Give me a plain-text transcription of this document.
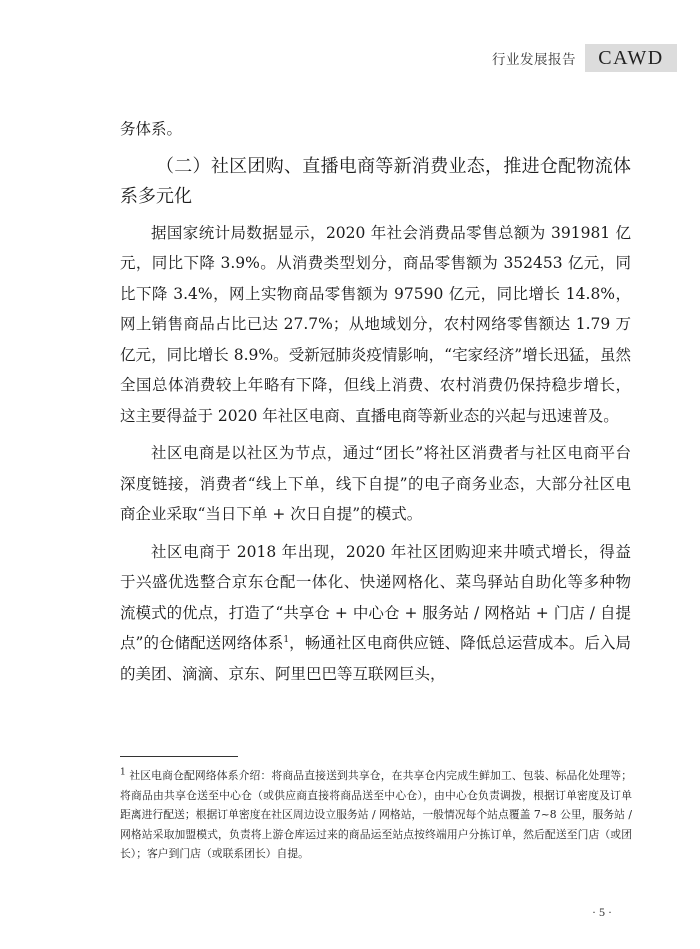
行业发展报告	CAWD

务体系。

（二）社区团购、直播电商等新消费业态，推进仓配物流体系多元化

据国家统计局数据显示，2020 年社会消费品零售总额为 391981 亿元，同比下降 3.9%。从消费类型划分，商品零售额为 352453 亿元，同比下降 3.4%，网上实物商品零售额为 97590 亿元，同比增长 14.8%，网上销售商品占比已达 27.7%；从地域划分，农村网络零售额达 1.79 万亿元，同比增长 8.9%。受新冠肺炎疫情影响，“宅家经济”增长迅猛，虽然全国总体消费较上年略有下降，但线上消费、农村消费仍保持稳步增长，这主要得益于 2020 年社区电商、直播电商等新业态的兴起与迅速普及。

社区电商是以社区为节点，通过“团长”将社区消费者与社区电商平台深度链接，消费者“线上下单，线下自提”的电子商务业态，大部分社区电商企业采取“当日下单 + 次日自提”的模式。

社区电商于 2018 年出现，2020 年社区团购迎来井喷式增长，得益于兴盛优选整合京东仓配一体化、快递网格化、菜鸟驿站自助化等多种物流模式的优点，打造了“共享仓 + 中心仓 + 服务站 / 网格站 + 门店 / 自提点”的仓储配送网络体系$^1$，畅通社区电商供应链、降低总运营成本。后入局的美团、滴滴、京东、阿里巴巴等互联网巨头，

$^1$ 社区电商仓配网络体系介绍：将商品直接送到共享仓，在共享仓内完成生鲜加工、包装、标品化处理等；将商品由共享仓送至中心仓（或供应商直接将商品送至中心仓），由中心仓负责调拨，根据订单密度及订单距离进行配送；根据订单密度在社区周边设立服务站 / 网格站，一般情况每个站点覆盖 7~8 公里，服务站 / 网格站采取加盟模式，负责将上游仓库运过来的商品运至站点按终端用户分拣订单，然后配送至门店（或团长）；客户到门店（或联系团长）自提。
· 5 ·
